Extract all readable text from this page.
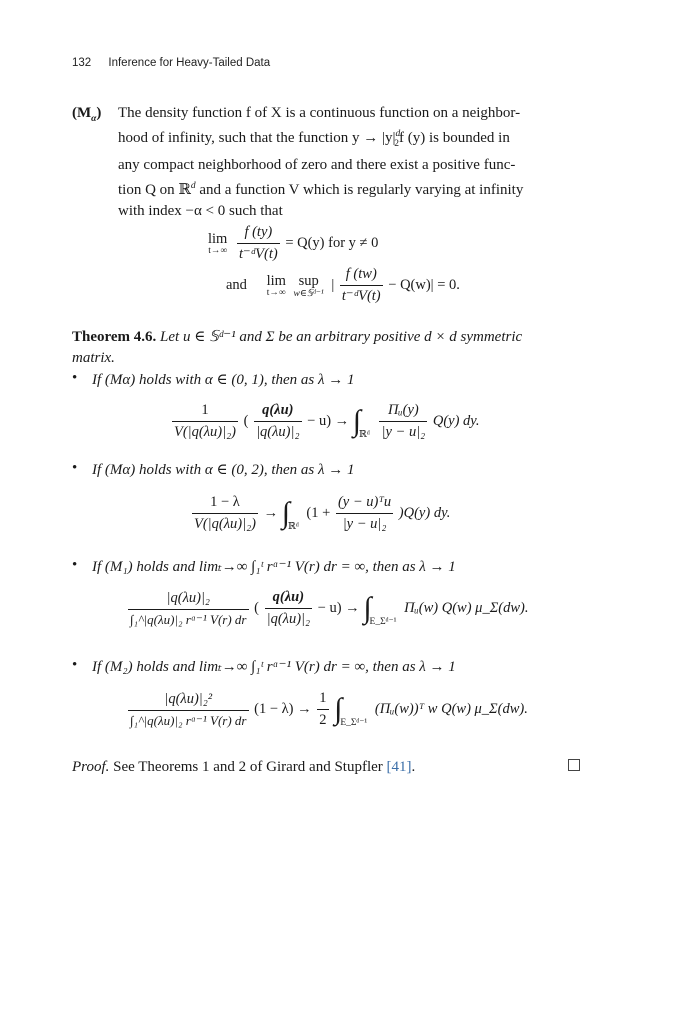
132 Inference for Heavy-Tailed Data
$(M_\alpha)$ The density function f of X is a continuous function on a neighbor-
hood of infinity, such that the function $y \to |y|^d_2f$ (y) is bounded in
any compact neighborhood of zero and there exist a positive func-
tion Q on ℝ$^d$ and a function V which is regularly varying at infinity
with index −α < 0 such that
lim
t→∞
$\frac{f (ty)}{\text{t⁻ᵈV(t)}} = Q(y)$ for y ≠ 0
and lim
t→∞
sup
w∈𝕊ᵈ⁻¹
| $\frac{f (tw)}{\text{t⁻ᵈV(t)}} - Q(w)| = 0$.
Theorem 4.6. Let u ∈ 𝕊ᵈ⁻¹ and Σ be an arbitrary positive d × d symmetric
matrix.
• If (Mα) holds with α ∈ (0, 1), then as λ → 1
$\frac{1}{\text{V(|q(λu)|₂)}}$ ( $\frac{q(\lambda u)}{\text{|q(λu)|₂}} - u) \to \int_{ℝᵈ} \frac{\text{Πᵤ(y)}}{\text{|y − u|₂}} Q(y)$ dy.
• If (Mα) holds with α ∈ (0, 2), then as λ → 1
$\frac{1 - \lambda}{\text{V(|q(λu)|₂)}} \to \int_{ℝᵈ}$ $(1 + \frac{\text{(y − u)ᵀu}}{\text{|y − u|₂}} )Q(y)$ dy.
• If (M₁) holds and limₜ→∞ ∫₁ᵗ rᵅ⁻¹ V(r) dr = ∞, then as λ → 1
$\frac{\text{|q(λu)|₂}}{\text{∫₁\textasciicircum{}|q(λu)|₂ rᵅ⁻¹ V(r) dr}}$ ( $\frac{q(\lambda u)}{\text{|q(λu)|₂}} - u) \to \int_{E\_\Sigma ᵈ^{-1}}$ Πᵤ(w) Q(w) μ_Σ(dw).
• If (M₂) holds and limₜ→∞ ∫₁ᵗ rᵅ⁻¹ V(r) dr = ∞, then as λ → 1
$\frac{\text{|q(λu)|₂²}}{\text{∫₁\textasciicircum{}|q(λu)|₂ rᵅ⁻¹ V(r) dr}} (1 - \lambda) \to \frac{1}{2} \int_{E\_\Sigma ᵈ^{-1}}$ (Πᵤ(w))ᵀ w Q(w) μ_Σ(dw).
Proof. See Theorems 1 and 2 of Girard and Stupfler [41].
